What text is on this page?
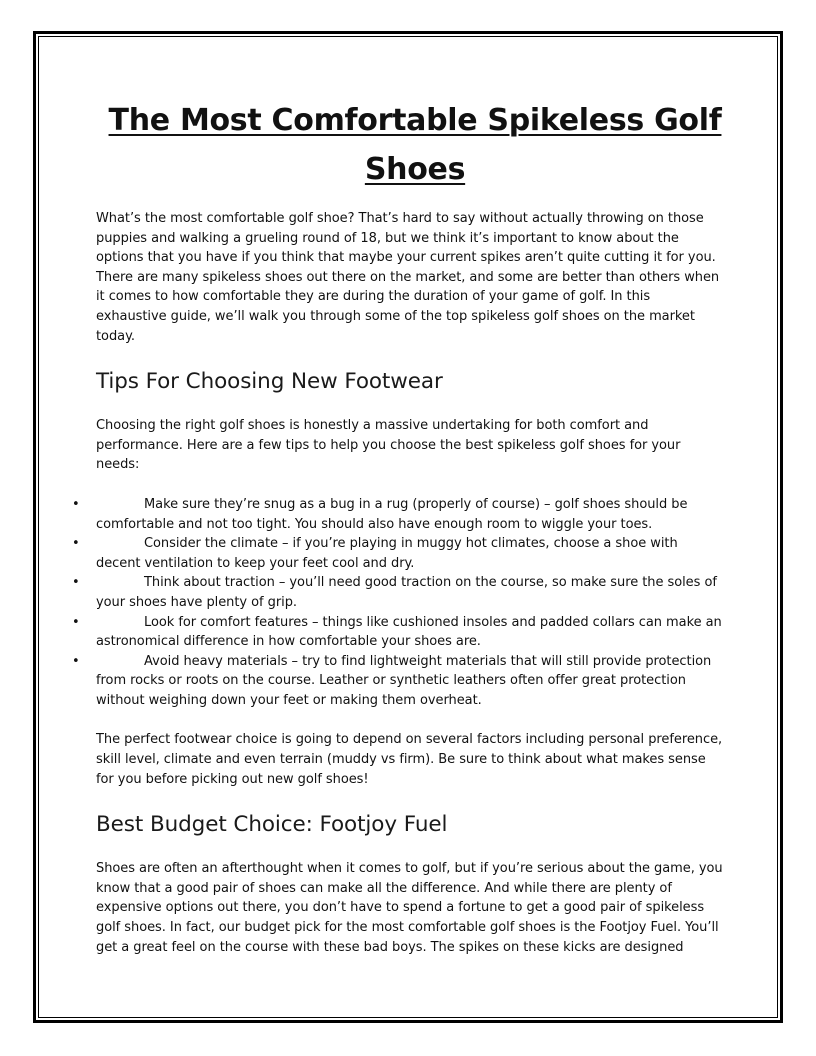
The Most Comfortable Spikeless Golf Shoes

What’s the most comfortable golf shoe? That’s hard to say without actually throwing on those puppies and walking a grueling round of 18, but we think it’s important to know about the options that you have if you think that maybe your current spikes aren’t quite cutting it for you. There are many spikeless shoes out there on the market, and some are better than others when it comes to how comfortable they are during the duration of your game of golf. In this exhaustive guide, we’ll walk you through some of the top spikeless golf shoes on the market today.

Tips For Choosing New Footwear

Choosing the right golf shoes is honestly a massive undertaking for both comfort and performance. Here are a few tips to help you choose the best spikeless golf shoes for your needs:

•	Make sure they’re snug as a bug in a rug (properly of course) – golf shoes should be comfortable and not too tight. You should also have enough room to wiggle your toes.
•	Consider the climate – if you’re playing in muggy hot climates, choose a shoe with decent ventilation to keep your feet cool and dry.
•	Think about traction – you’ll need good traction on the course, so make sure the soles of your shoes have plenty of grip.
•	Look for comfort features – things like cushioned insoles and padded collars can make an astronomical difference in how comfortable your shoes are.
•	Avoid heavy materials – try to find lightweight materials that will still provide protection from rocks or roots on the course. Leather or synthetic leathers often offer great protection without weighing down your feet or making them overheat.

The perfect footwear choice is going to depend on several factors including personal preference, skill level, climate and even terrain (muddy vs firm). Be sure to think about what makes sense for you before picking out new golf shoes!

Best Budget Choice: Footjoy Fuel

Shoes are often an afterthought when it comes to golf, but if you’re serious about the game, you know that a good pair of shoes can make all the difference. And while there are plenty of expensive options out there, you don’t have to spend a fortune to get a good pair of spikeless golf shoes. In fact, our budget pick for the most comfortable golf shoes is the Footjoy Fuel. You’ll get a great feel on the course with these bad boys. The spikes on these kicks are designed
